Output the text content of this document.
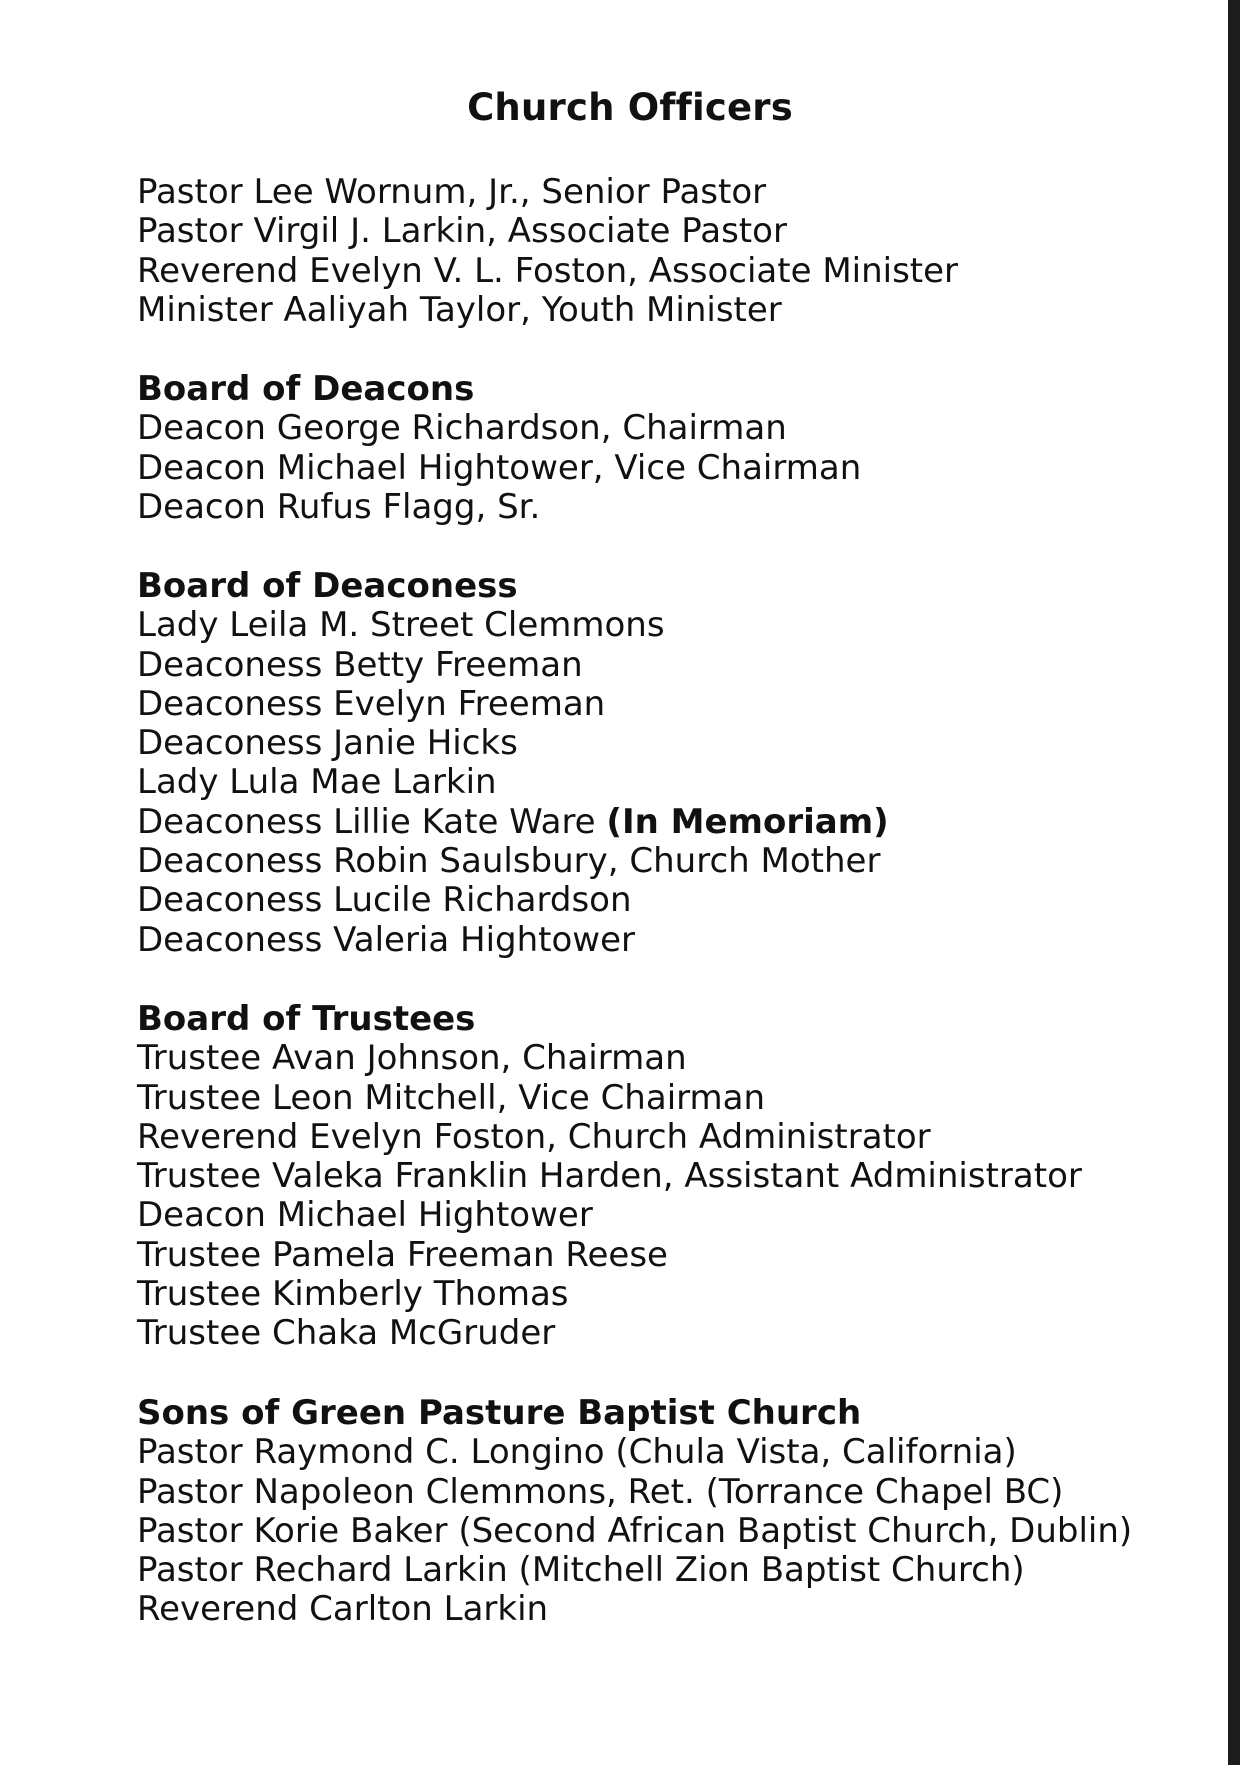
Church Officers
Pastor Lee Wornum, Jr., Senior Pastor
Pastor Virgil J. Larkin, Associate Pastor
Reverend Evelyn V. L. Foston, Associate Minister
Minister Aaliyah Taylor, Youth Minister
Board of Deacons
Deacon George Richardson, Chairman
Deacon Michael Hightower, Vice Chairman
Deacon Rufus Flagg, Sr.
Board of Deaconess
Lady Leila M. Street Clemmons
Deaconess Betty Freeman
Deaconess Evelyn Freeman
Deaconess Janie Hicks
Lady Lula Mae Larkin
Deaconess Lillie Kate Ware (In Memoriam)
Deaconess Robin Saulsbury, Church Mother
Deaconess Lucile Richardson
Deaconess Valeria Hightower
Board of Trustees
Trustee Avan Johnson, Chairman
Trustee Leon Mitchell, Vice Chairman
Reverend Evelyn Foston, Church Administrator
Trustee Valeka Franklin Harden, Assistant Administrator
Deacon Michael Hightower
Trustee Pamela Freeman Reese
Trustee Kimberly Thomas
Trustee Chaka McGruder
Sons of Green Pasture Baptist Church
Pastor Raymond C. Longino (Chula Vista, California)
Pastor Napoleon Clemmons, Ret. (Torrance Chapel BC)
Pastor Korie Baker (Second African Baptist Church, Dublin)
Pastor Rechard Larkin (Mitchell Zion Baptist Church)
Reverend Carlton Larkin
